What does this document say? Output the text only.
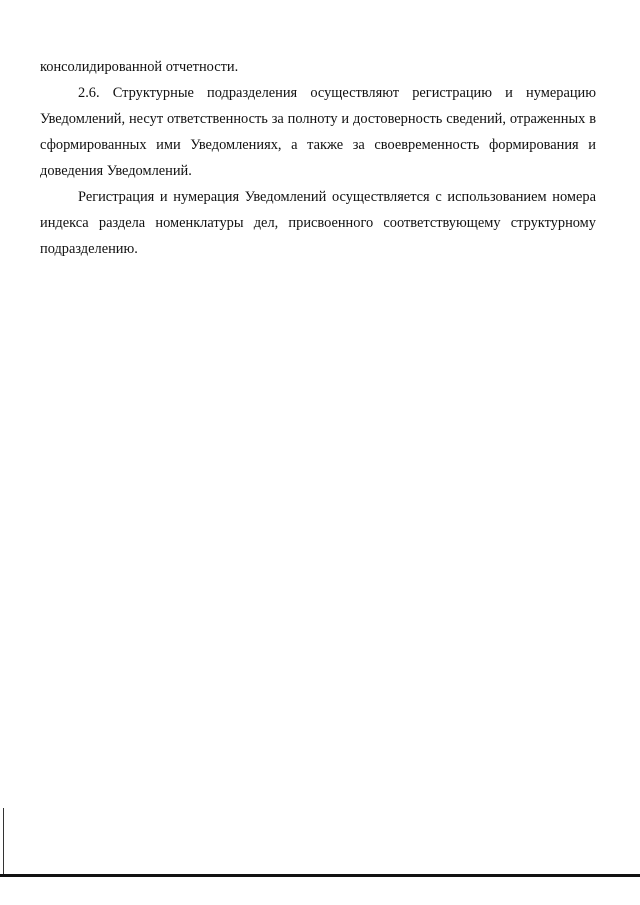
консолидированной отчетности.

2.6. Структурные подразделения осуществляют регистрацию и нумерацию Уведомлений, несут ответственность за полноту и достоверность сведений, отраженных в сформированных ими Уведомлениях, а также за своевременность формирования и доведения Уведомлений.

Регистрация и нумерация Уведомлений осуществляется с использованием номера индекса раздела номенклатуры дел, присвоенного соответствующему структурному подразделению.
